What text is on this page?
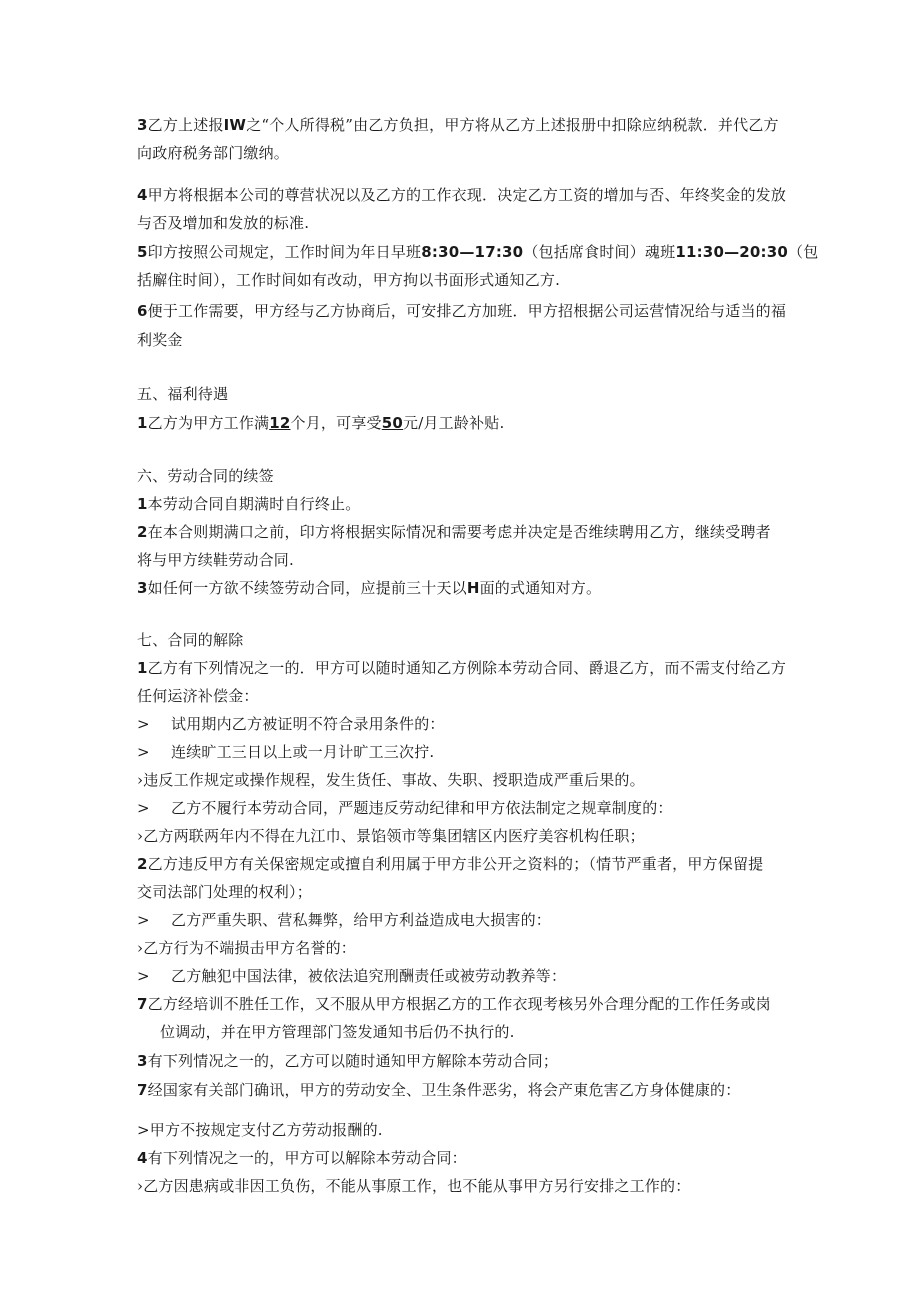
3乙方上述报IW之“个人所得税”由乙方负担，甲方将从乙方上述报册中扣除应纳税款．并代乙方
向政府税务部门缴纳。
4甲方将根据本公司的尊营状况以及乙方的工作衣现．决定乙方工资的增加与否、年终奖金的发放
与否及增加和发放的标准.
5印方按照公司规定，工作时间为年日早班8:30—17:30（包括席食时间）魂班11:30—20:30（包
括廨住时间），工作时间如有改动，甲方拘以书面形式通知乙方.
6便于工作需要，甲方经与乙方协商后，可安排乙方加班．甲方招根据公司运营情况给与适当的福
利奖金
五、福利待遇
1乙方为甲方工作满12个月，可享受50元/月工龄补贴.
六、劳动合同的续签
1本劳动合同自期满时自行终止。
2在本合则期满口之前，印方将根据实际情况和需要考虑并决定是否维续聘用乙方，继续受聘者
将与甲方续鞋劳动合同.
3如任何一方欲不续签劳动合同，应提前三十天以H面的式通知对方。
七、合同的解除
1乙方有下列情况之一的．甲方可以随时通知乙方例除本劳动合同、爵退乙方，而不需支付给乙方
任何运济补偿金：
> 试用期内乙方被证明不符合录用条件的：
> 连续旷工三日以上或一月计旷工三次拧.
›违反工作规定或操作规程，发生货任、事故、失职、授职造成严重后果的。
> 乙方不履行本劳动合同，严题违反劳动纪律和甲方依法制定之规章制度的：
›乙方两联两年内不得在九江巾、景馅领市等集团辖区内医疗美容机构任职；
2乙方违反甲方有关保密规定或擅自利用属于甲方非公开之资料的；（情节严重者，甲方保留提
交司法部门处理的权利）；
> 乙方严重失职、营私舞弊，给甲方利益造成电大损害的：
›乙方行为不端损击甲方名誉的：
> 乙方触犯中国法律，被依法追究刑酬责任或被劳动教养等：
7乙方经培训不胜任工作，又不服从甲方根据乙方的工作衣现考核另外合理分配的工作任务或岗
位调动，并在甲方管理部门签发通知书后仍不执行的.
3有下列情况之一的，乙方可以随时通知甲方解除本劳动合同；
7经国家有关部门确讯，甲方的劳动安全、卫生条件恶劣，将会产東危害乙方身体健康的：
>甲方不按规定支付乙方劳动报酬的.
4有下列情况之一的，甲方可以解除本劳动合同：
›乙方因患病或非因工负伤，不能从事原工作，也不能从事甲方另行安排之工作的：
